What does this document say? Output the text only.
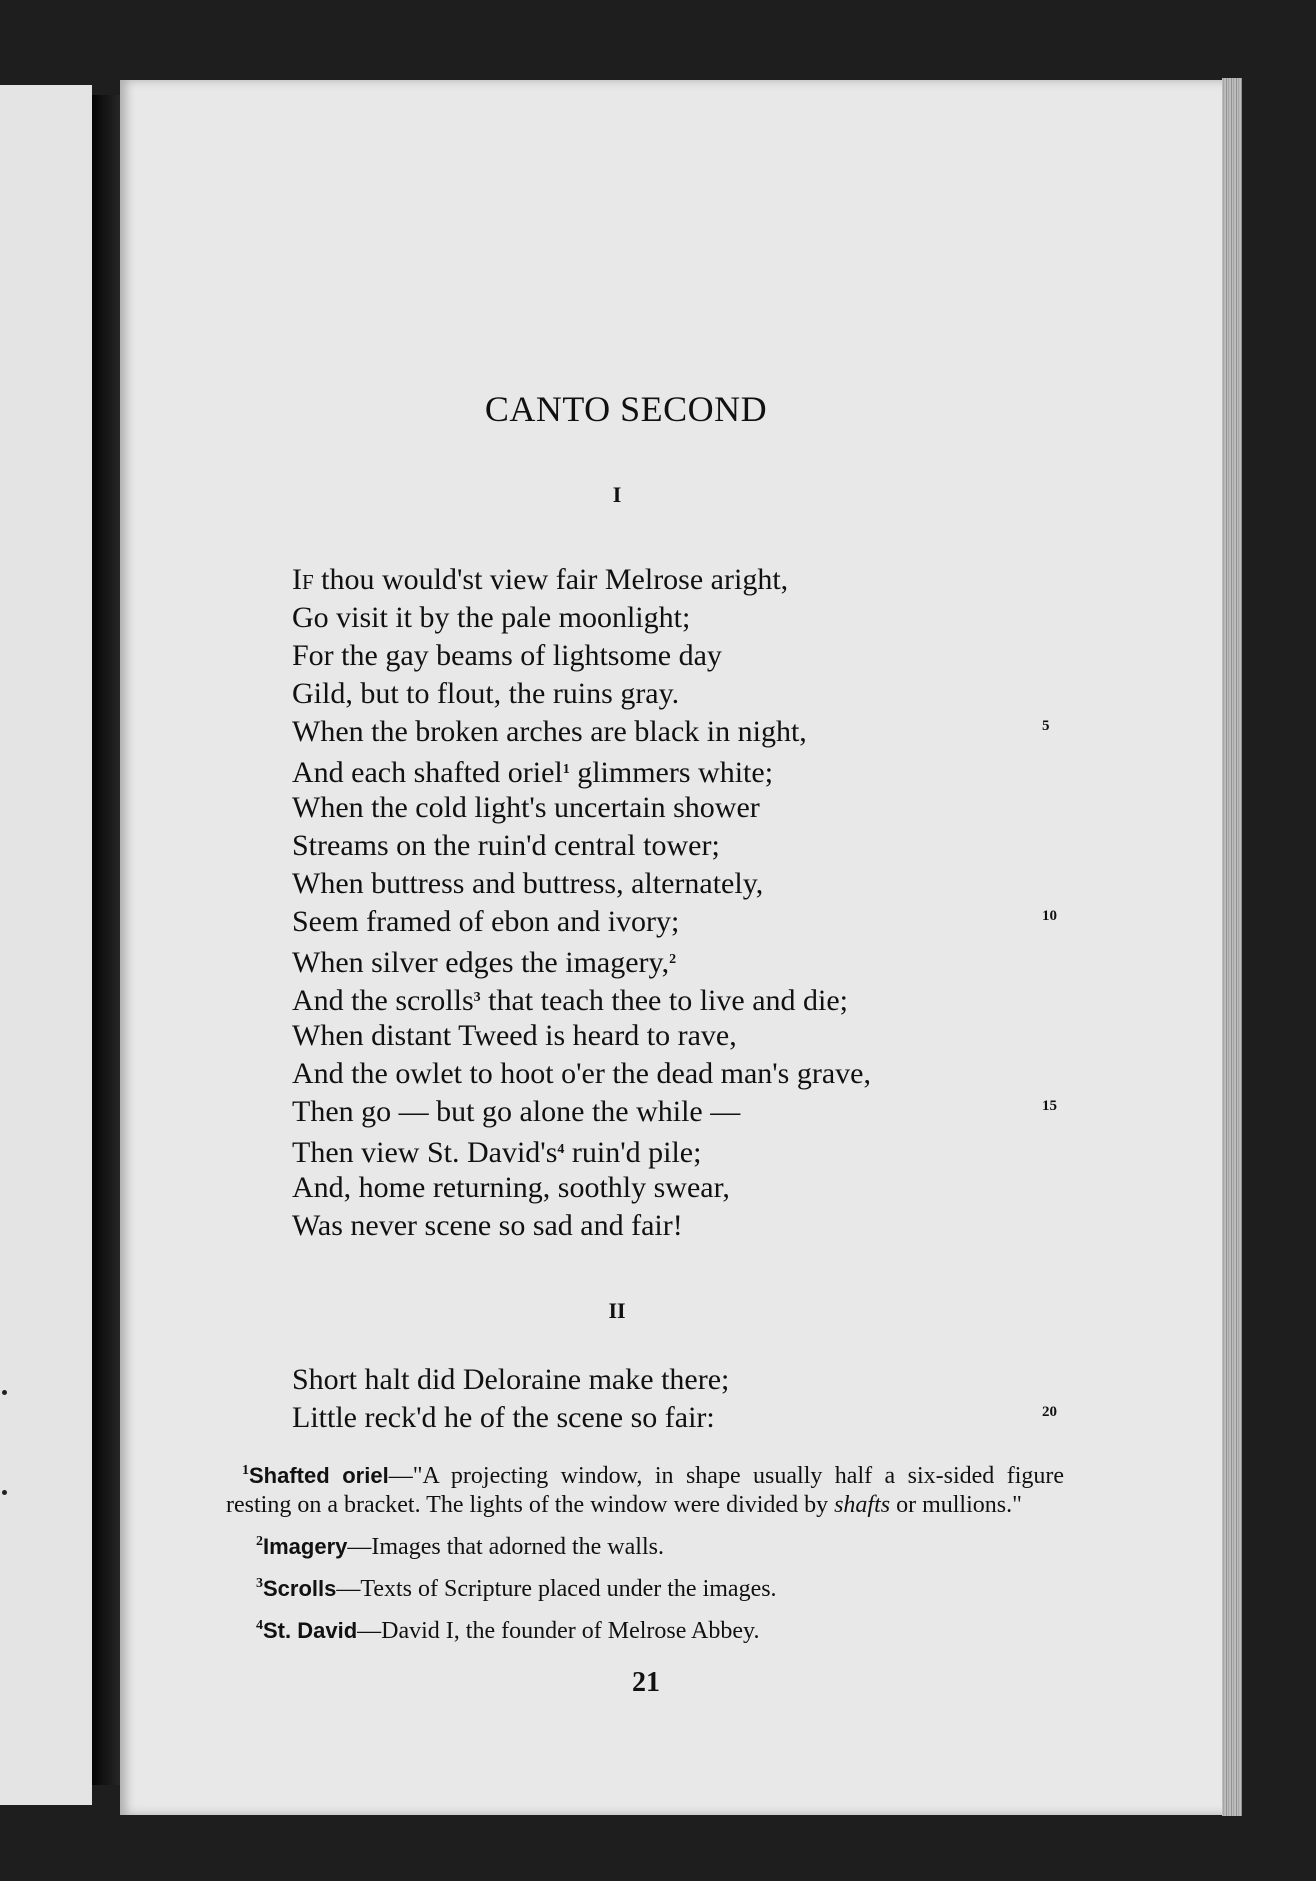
CANTO SECOND
I
If thou would'st view fair Melrose aright,
Go visit it by the pale moonlight;
For the gay beams of lightsome day
Gild, but to flout, the ruins gray.
When the broken arches are black in night,	5
And each shafted oriel$^1$ glimmers white;
When the cold light's uncertain shower
Streams on the ruin'd central tower;
When buttress and buttress, alternately,
Seem framed of ebon and ivory;	10
When silver edges the imagery,$^2$
And the scrolls$^3$ that teach thee to live and die;
When distant Tweed is heard to rave,
And the owlet to hoot o'er the dead man's grave,
Then go — but go alone the while —	15
Then view St. David's$^4$ ruin'd pile;
And, home returning, soothly swear,
Was never scene so sad and fair!
II
Short halt did Deloraine make there;
Little reck'd he of the scene so fair:	20

$^1$Shafted oriel—"A projecting window, in shape usually half a six-sided figure resting on a bracket. The lights of the window were divided by shafts or mullions."

$^2$Imagery—Images that adorned the walls.

$^3$Scrolls—Texts of Scripture placed under the images.

$^4$St. David—David I, the founder of Melrose Abbey.

21
